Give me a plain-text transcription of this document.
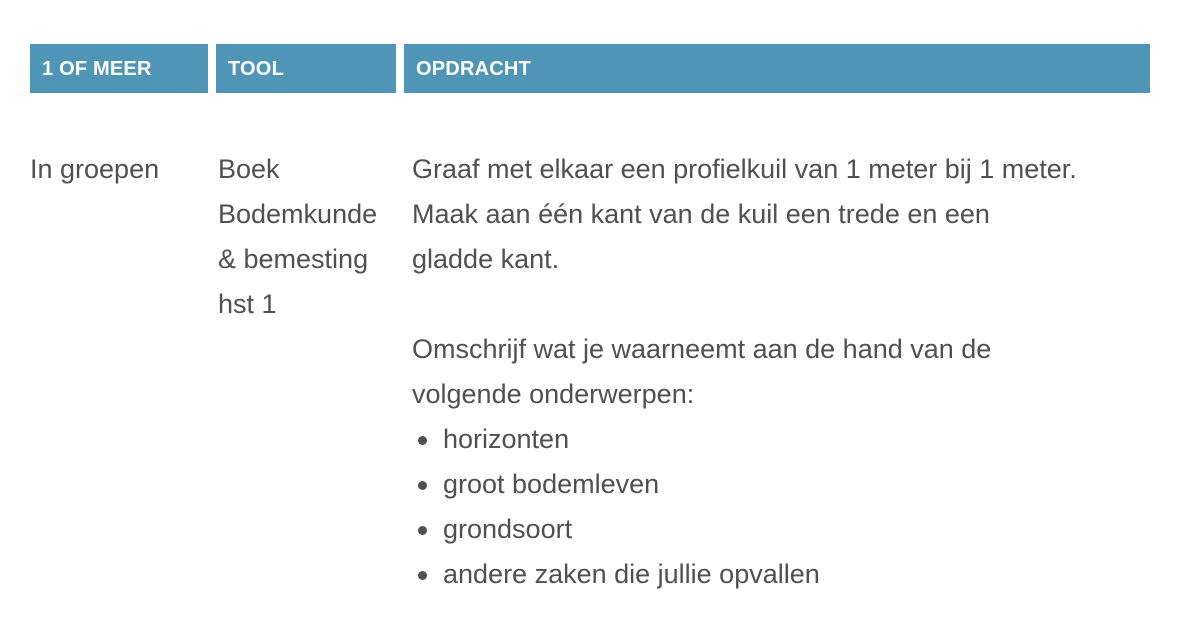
1 OF MEER	TOOL	OPDRACHT
In groepen Boek
Bodemkunde
& bemesting
hst 1
Graaf met elkaar een profielkuil van 1 meter bij 1 meter.
Maak aan één kant van de kuil een trede en een
gladde kant.
Omschrijf wat je waarneemt aan de hand van de
volgende onderwerpen:
horizonten
groot bodemleven
grondsoort
andere zaken die jullie opvallen
